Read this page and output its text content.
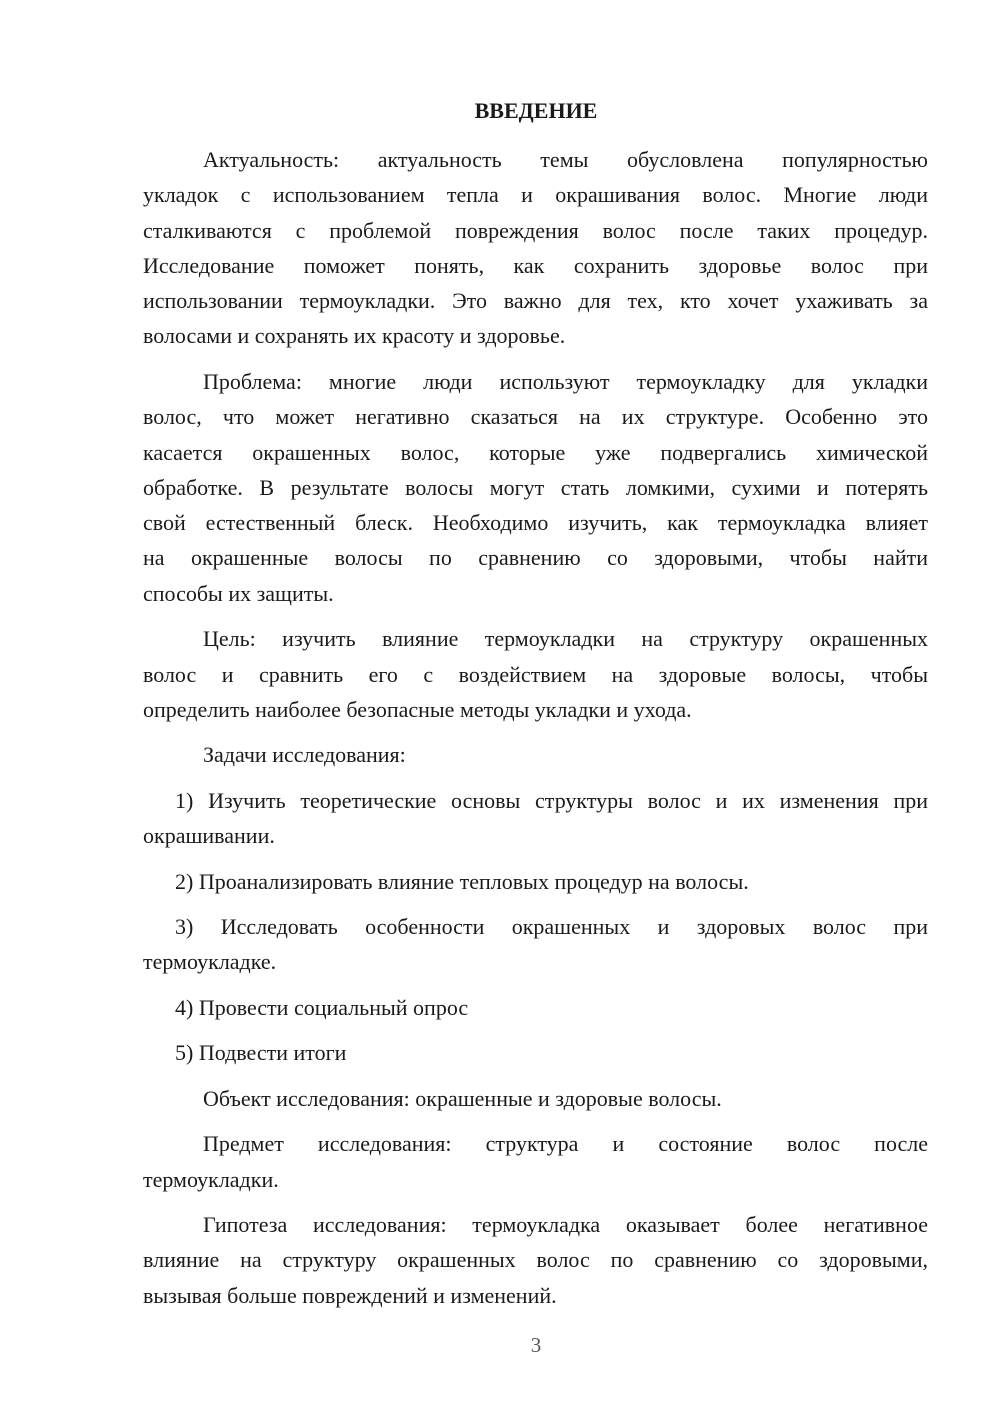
ВВЕДЕНИЕ
Актуальность: актуальность темы обусловлена популярностью
укладок с использованием тепла и окрашивания волос. Многие люди
сталкиваются с проблемой повреждения волос после таких процедур.
Исследование поможет понять, как сохранить здоровье волос при
использовании термоукладки. Это важно для тех, кто хочет ухаживать за
волосами и сохранять их красоту и здоровье.
Проблема: многие люди используют термоукладку для укладки
волос, что может негативно сказаться на их структуре. Особенно это
касается окрашенных волос, которые уже подвергались химической
обработке. В результате волосы могут стать ломкими, сухими и потерять
свой естественный блеск. Необходимо изучить, как термоукладка влияет
на окрашенные волосы по сравнению со здоровыми, чтобы найти
способы их защиты.
Цель: изучить влияние термоукладки на структуру окрашенных
волос и сравнить его с воздействием на здоровые волосы, чтобы
определить наиболее безопасные методы укладки и ухода.
Задачи исследования:
1) Изучить теоретические основы структуры волос и их изменения при
окрашивании.
2) Проанализировать влияние тепловых процедур на волосы.
3) Исследовать особенности окрашенных и здоровых волос при
термоукладке.
4) Провести социальный опрос
5) Подвести итоги
Объект исследования: окрашенные и здоровые волосы.
Предмет исследования: структура и состояние волос после
термоукладки.
Гипотеза исследования: термоукладка оказывает более негативное
влияние на структуру окрашенных волос по сравнению со здоровыми,
вызывая больше повреждений и изменений.
3
